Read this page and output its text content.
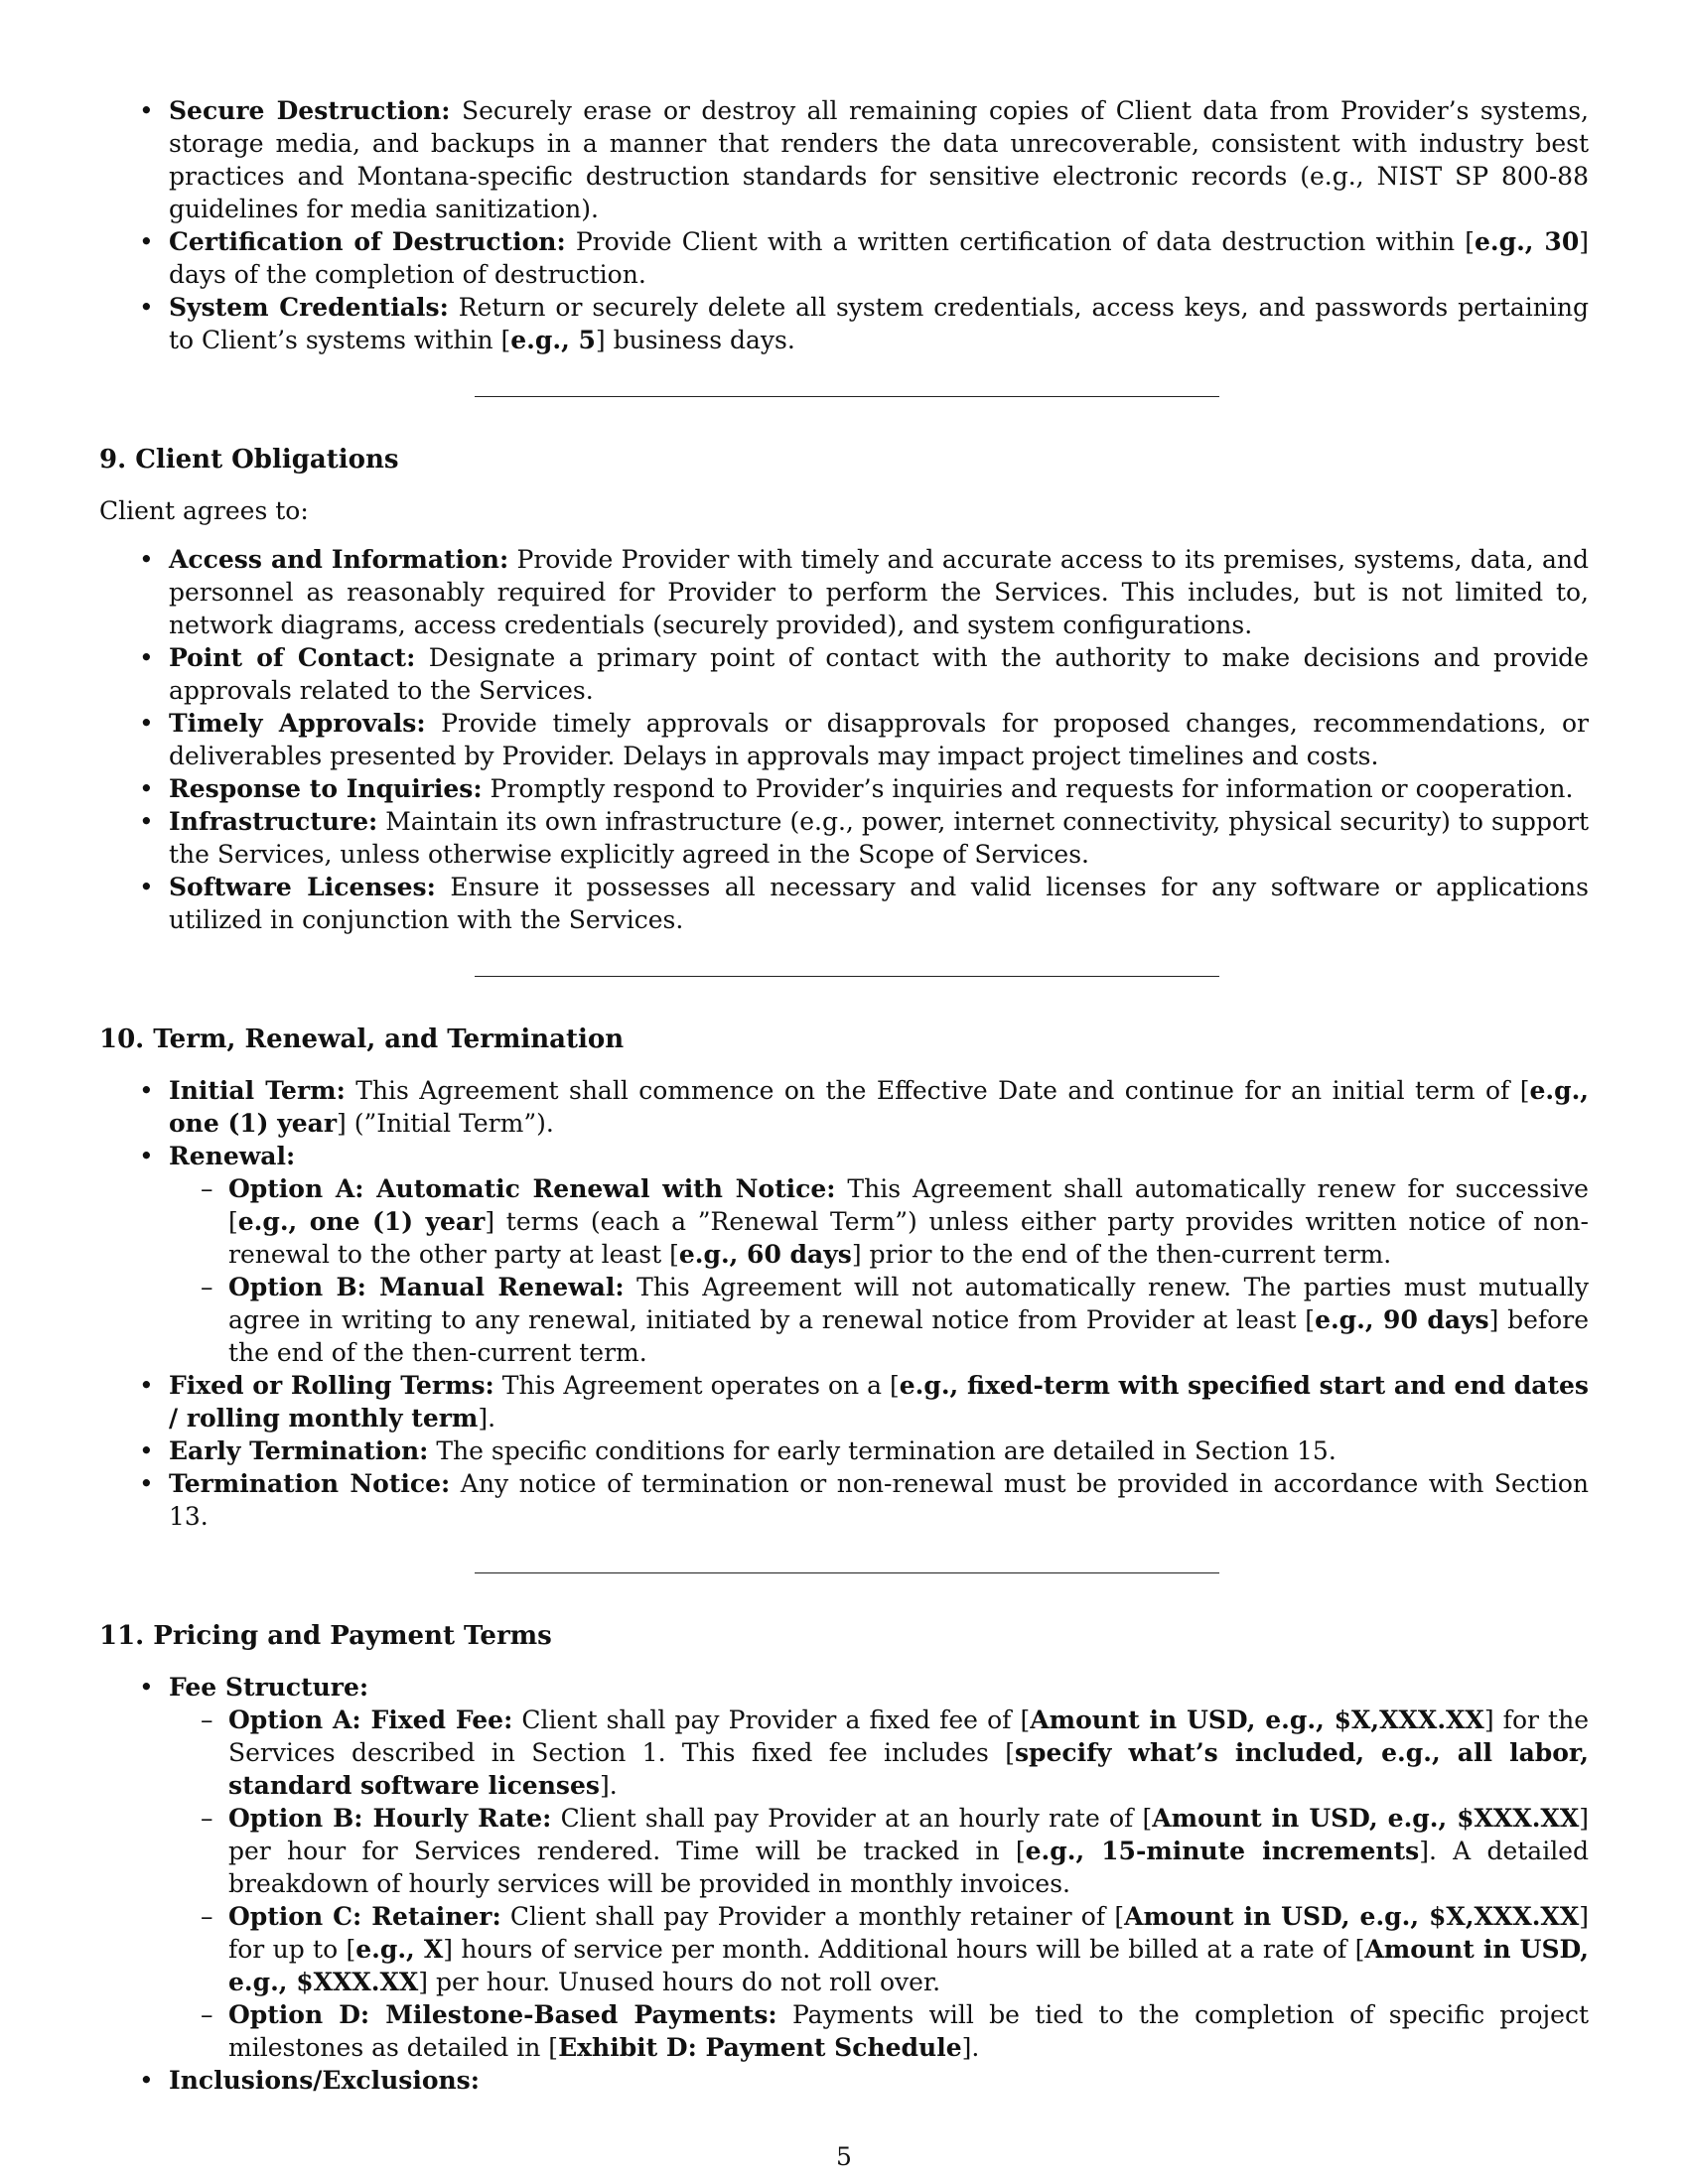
• Secure Destruction: Securely erase or destroy all remaining copies of Client data from Provider’s systems, storage media, and backups in a manner that renders the data unrecoverable, consistent with industry best practices and Montana-specific destruction standards for sensitive electronic records (e.g., NIST SP 800-88 guidelines for media sanitization).
• Certification of Destruction: Provide Client with a written certification of data destruction within [e.g., 30] days of the completion of destruction.
• System Credentials: Return or securely delete all system credentials, access keys, and passwords pertaining to Client’s systems within [e.g., 5] business days.
9. Client Obligations

Client agrees to:

• Access and Information: Provide Provider with timely and accurate access to its premises, systems, data, and personnel as reasonably required for Provider to perform the Services. This includes, but is not limited to, network diagrams, access credentials (securely provided), and system configurations.
• Point of Contact: Designate a primary point of contact with the authority to make decisions and provide approvals related to the Services.
• Timely Approvals: Provide timely approvals or disapprovals for proposed changes, recommendations, or deliverables presented by Provider. Delays in approvals may impact project timelines and costs.
• Response to Inquiries: Promptly respond to Provider’s inquiries and requests for information or cooperation.
• Infrastructure: Maintain its own infrastructure (e.g., power, internet connectivity, physical security) to support the Services, unless otherwise explicitly agreed in the Scope of Services.
• Software Licenses: Ensure it possesses all necessary and valid licenses for any software or applications utilized in conjunction with the Services.
10. Term, Renewal, and Termination
• Initial Term: This Agreement shall commence on the Effective Date and continue for an initial term of [e.g., one (1) year] (”Initial Term”).
• Renewal:
– Option A: Automatic Renewal with Notice: This Agreement shall automatically renew for successive [e.g., one (1) year] terms (each a ”Renewal Term”) unless either party provides written notice of non-renewal to the other party at least [e.g., 60 days] prior to the end of the then-current term.
– Option B: Manual Renewal: This Agreement will not automatically renew. The parties must mutually agree in writing to any renewal, initiated by a renewal notice from Provider at least [e.g., 90 days] before the end of the then-current term.
• Fixed or Rolling Terms: This Agreement operates on a [e.g., fixed-term with specified start and end dates / rolling monthly term].
• Early Termination: The specific conditions for early termination are detailed in Section 15.
• Termination Notice: Any notice of termination or non-renewal must be provided in accordance with Section 13.
11. Pricing and Payment Terms
• Fee Structure:
– Option A: Fixed Fee: Client shall pay Provider a fixed fee of [Amount in USD, e.g., $X,XXX.XX] for the Services described in Section 1. This fixed fee includes [specify what’s included, e.g., all labor, standard software licenses].
– Option B: Hourly Rate: Client shall pay Provider at an hourly rate of [Amount in USD, e.g., $XXX.XX] per hour for Services rendered. Time will be tracked in [e.g., 15-minute increments]. A detailed breakdown of hourly services will be provided in monthly invoices.
– Option C: Retainer: Client shall pay Provider a monthly retainer of [Amount in USD, e.g., $X,XXX.XX] for up to [e.g., X] hours of service per month. Additional hours will be billed at a rate of [Amount in USD, e.g., $XXX.XX] per hour. Unused hours do not roll over.
– Option D: Milestone-Based Payments: Payments will be tied to the completion of specific project milestones as detailed in [Exhibit D: Payment Schedule].
• Inclusions/Exclusions:
5
